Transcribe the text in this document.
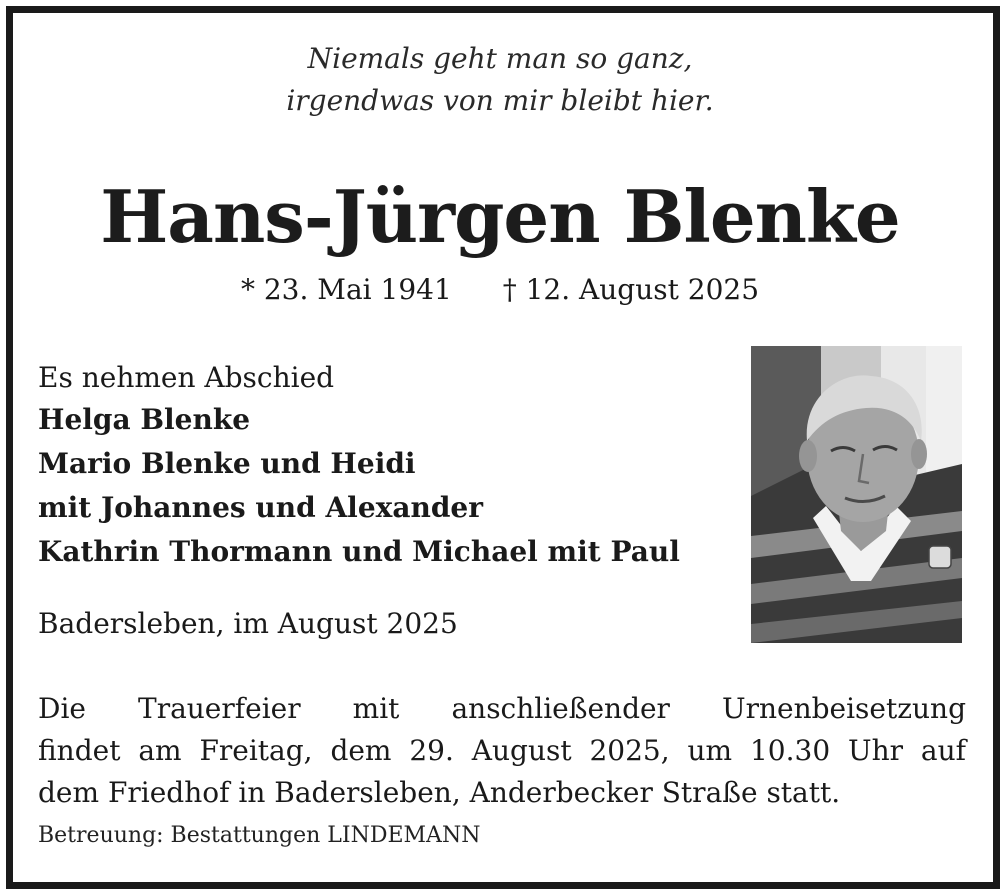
Niemals geht man so ganz,
irgendwas von mir bleibt hier.
Hans-Jürgen Blenke
* 23. Mai 1941 † 12. August 2025
Es nehmen Abschied
Helga Blenke
Mario Blenke und Heidi
mit Johannes und Alexander
Kathrin Thormann und Michael mit Paul
Badersleben, im August 2025
Die Trauerfeier mit anschließender Urnenbeisetzung
findet am Freitag, dem 29. August 2025, um 10.30 Uhr auf
dem Friedhof in Badersleben, Anderbecker Straße statt.
Betreuung: Bestattungen LINDEMANN
